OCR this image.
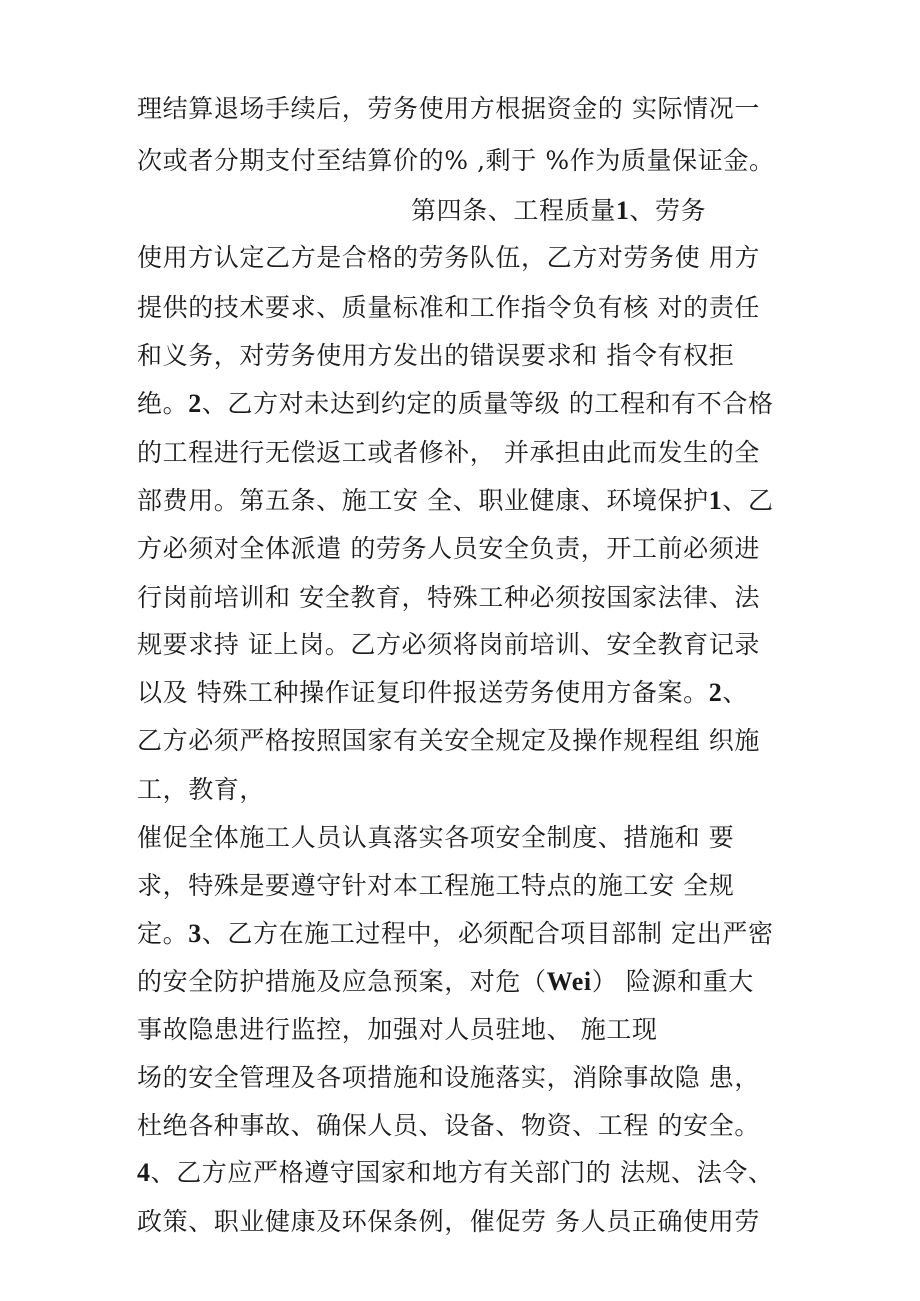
理结算退场手续后，劳务使用方根据资金的 实际情况一
次或者分期支付至结算价的% ,剩于 %作为质量保证金。
第四条、工程质量1、劳务
使用方认定乙方是合格的劳务队伍，乙方对劳务使 用方
提供的技术要求、质量标准和工作指令负有核 对的责任
和义务，对劳务使用方发出的错误要求和 指令有权拒
绝。2、乙方对未达到约定的质量等级 的工程和有不合格
的工程进行无偿返工或者修补， 并承担由此而发生的全
部费用。第五条、施工安 全、职业健康、环境保护1、乙
方必须对全体派遣 的劳务人员安全负责，开工前必须进
行岗前培训和 安全教育，特殊工种必须按国家法律、法
规要求持 证上岗。乙方必须将岗前培训、安全教育记录
以及 特殊工种操作证复印件报送劳务使用方备案。2、
乙方必须严格按照国家有关安全规定及操作规程组 织施
工，教育，
催促全体施工人员认真落实各项安全制度、措施和 要
求，特殊是要遵守针对本工程施工特点的施工安 全规
定。3、乙方在施工过程中，必须配合项目部制 定出严密
的安全防护措施及应急预案，对危（Wei） 险源和重大
事故隐患进行监控，加强对人员驻地、 施工现
场的安全管理及各项措施和设施落实，消除事故隐 患，
杜绝各种事故、确保人员、设备、物资、工程 的安全。
4、乙方应严格遵守国家和地方有关部门的 法规、法令、
政策、职业健康及环保条例，催促劳 务人员正确使用劳
